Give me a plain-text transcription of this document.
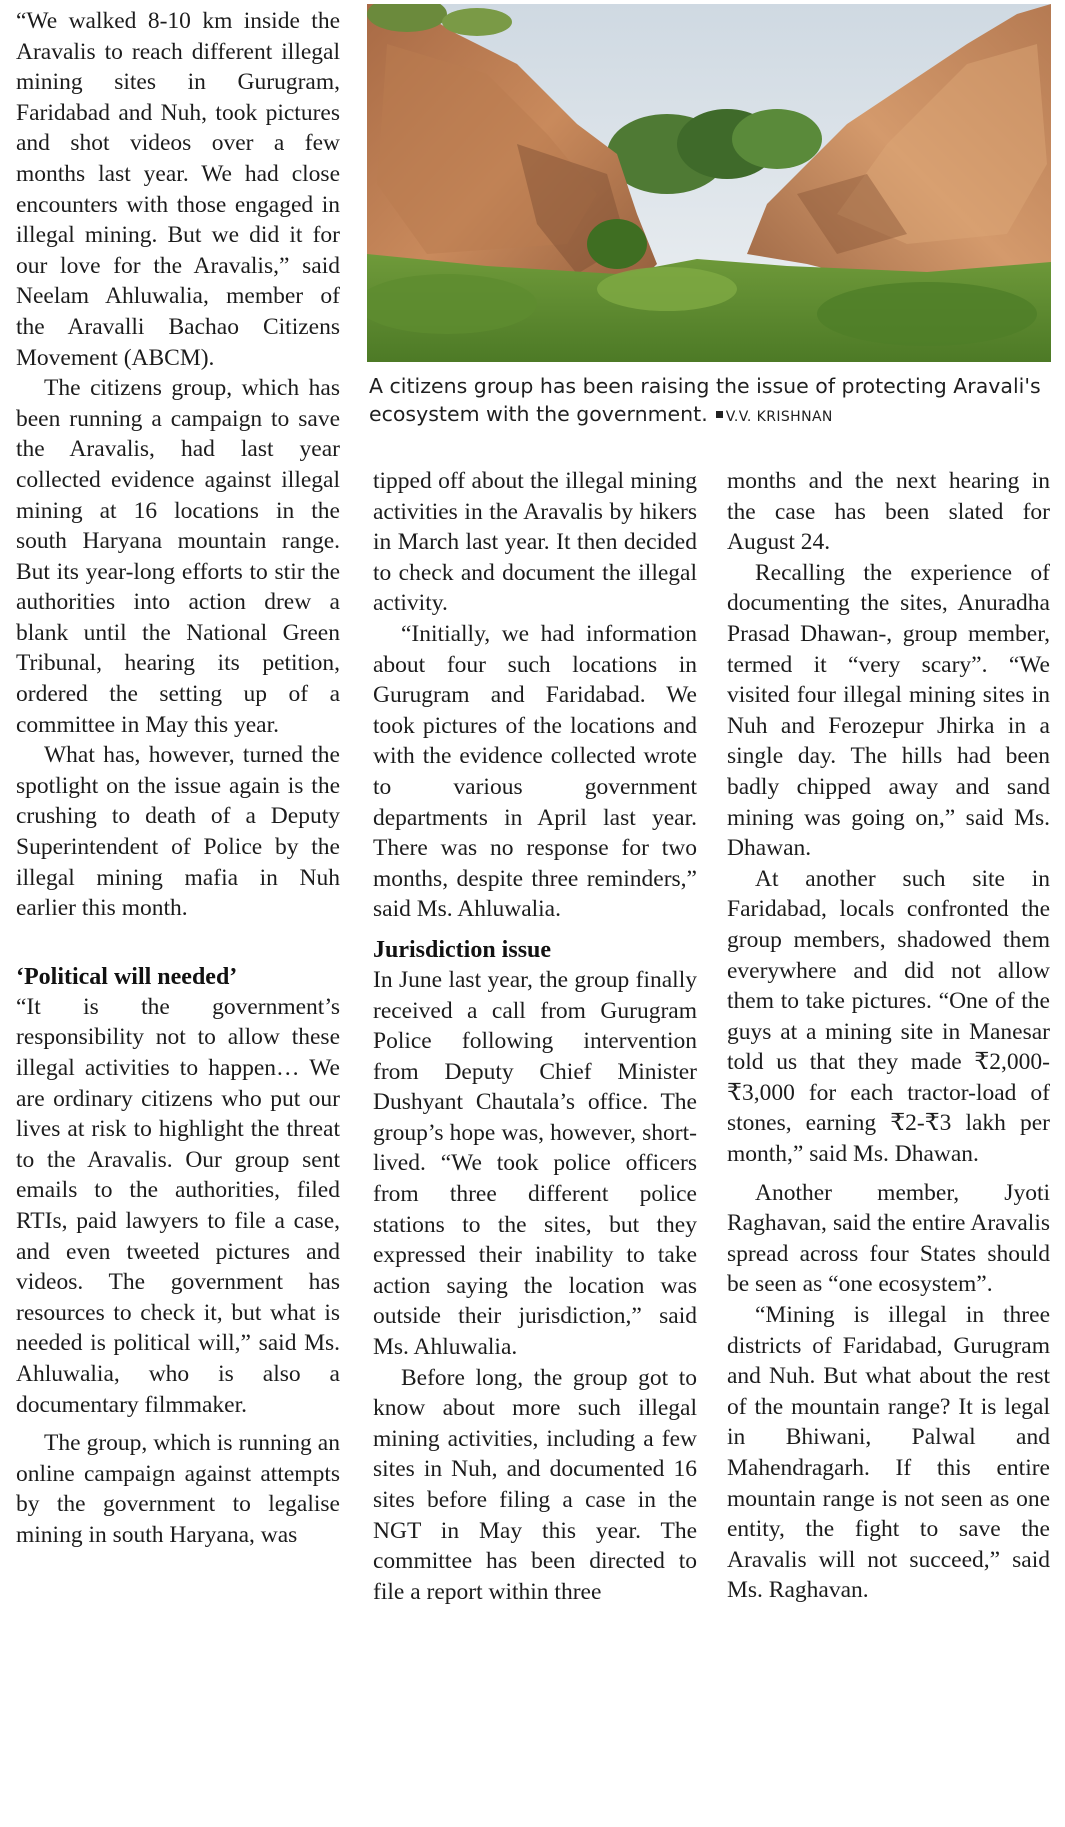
A citizens group has been raising the issue of protecting Aravali's ecosystem with the government. V.V. KRISHNAN

“We walked 8-10 km inside the Aravalis to reach different illegal mining sites in Gurugram, Faridabad and Nuh, took pictures and shot videos over a few months last year. We had close encounters with those engaged in illegal mining. But we did it for our love for the Aravalis,” said Neelam Ahluwalia, member of the Aravalli Bachao Citizens Movement (ABCM).

The citizens group, which has been running a campaign to save the Aravalis, had last year collected evidence against illegal mining at 16 locations in the south Haryana mountain range. But its year-long efforts to stir the authorities into action drew a blank until the National Green Tribunal, hearing its petition, ordered the setting up of a committee in May this year.

What has, however, turned the spotlight on the issue again is the crushing to death of a Deputy Superintendent of Police by the illegal mining mafia in Nuh earlier this month.

‘Political will needed’

“It is the government’s responsibility not to allow these illegal activities to happen… We are ordinary citizens who put our lives at risk to highlight the threat to the Aravalis. Our group sent emails to the authorities, filed RTIs, paid lawyers to file a case, and even tweeted pictures and videos. The government has resources to check it, but what is needed is political will,” said Ms. Ahluwalia, who is also a documentary filmmaker.

The group, which is running an online campaign against attempts by the government to legalise mining in south Haryana, was

tipped off about the illegal mining activities in the Aravalis by hikers in March last year. It then decided to check and document the illegal activity.

“Initially, we had information about four such locations in Gurugram and Faridabad. We took pictures of the locations and with the evidence collected wrote to various government departments in April last year. There was no response for two months, despite three reminders,” said Ms. Ahluwalia.

Jurisdiction issue

In June last year, the group finally received a call from Gurugram Police following intervention from Deputy Chief Minister Dushyant Chautala’s office. The group’s hope was, however, short-lived. “We took police officers from three different police stations to the sites, but they expressed their inability to take action saying the location was outside their jurisdiction,” said Ms. Ahluwalia.

Before long, the group got to know about more such illegal mining activities, including a few sites in Nuh, and documented 16 sites before filing a case in the NGT in May this year. The committee has been directed to file a report within three

months and the next hearing in the case has been slated for August 24.

Recalling the experience of documenting the sites, Anuradha Prasad Dhawan-, group member, termed it “very scary”. “We visited four illegal mining sites in Nuh and Ferozepur Jhirka in a single day. The hills had been badly chipped away and sand mining was going on,” said Ms. Dhawan.

At another such site in Faridabad, locals confronted the group members, shadowed them everywhere and did not allow them to take pictures. “One of the guys at a mining site in Manesar told us that they made ₹2,000-₹3,000 for each tractor-load of stones, earning ₹2-₹3 lakh per month,” said Ms. Dhawan.

Another member, Jyoti Raghavan, said the entire Aravalis spread across four States should be seen as “one ecosystem”.

“Mining is illegal in three districts of Faridabad, Gurugram and Nuh. But what about the rest of the mountain range? It is legal in Bhiwani, Palwal and Mahendragarh. If this entire mountain range is not seen as one entity, the fight to save the Aravalis will not succeed,” said Ms. Raghavan.
